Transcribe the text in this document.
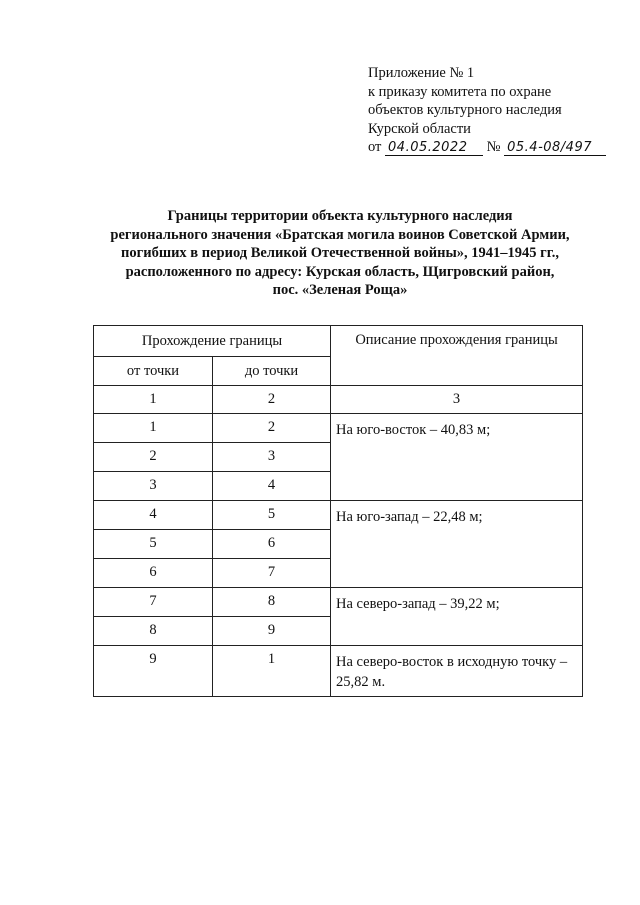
Приложение № 1
к приказу комитета по охране
объектов культурного наследия
Курской области
от 04.05.2022 № 05.4-08/497
Границы территории объекта культурного наследия
регионального значения «Братская могила воинов Советской Армии,
погибших в период Великой Отечественной войны», 1941–1945 гг.,
расположенного по адресу: Курская область, Щигровский район,
пос. «Зеленая Роща»
Прохождение границы		Описание прохождения границы
от точки	до точки	
1	2	3
1	2	На юго-восток – 40,83 м;
2	3	
3	4	
4	5	На юго-запад – 22,48 м;
5	6	
6	7	
7	8	На северо-запад – 39,22 м;
8	9	
9	1	На северо-восток в исходную точку – 25,82 м.
